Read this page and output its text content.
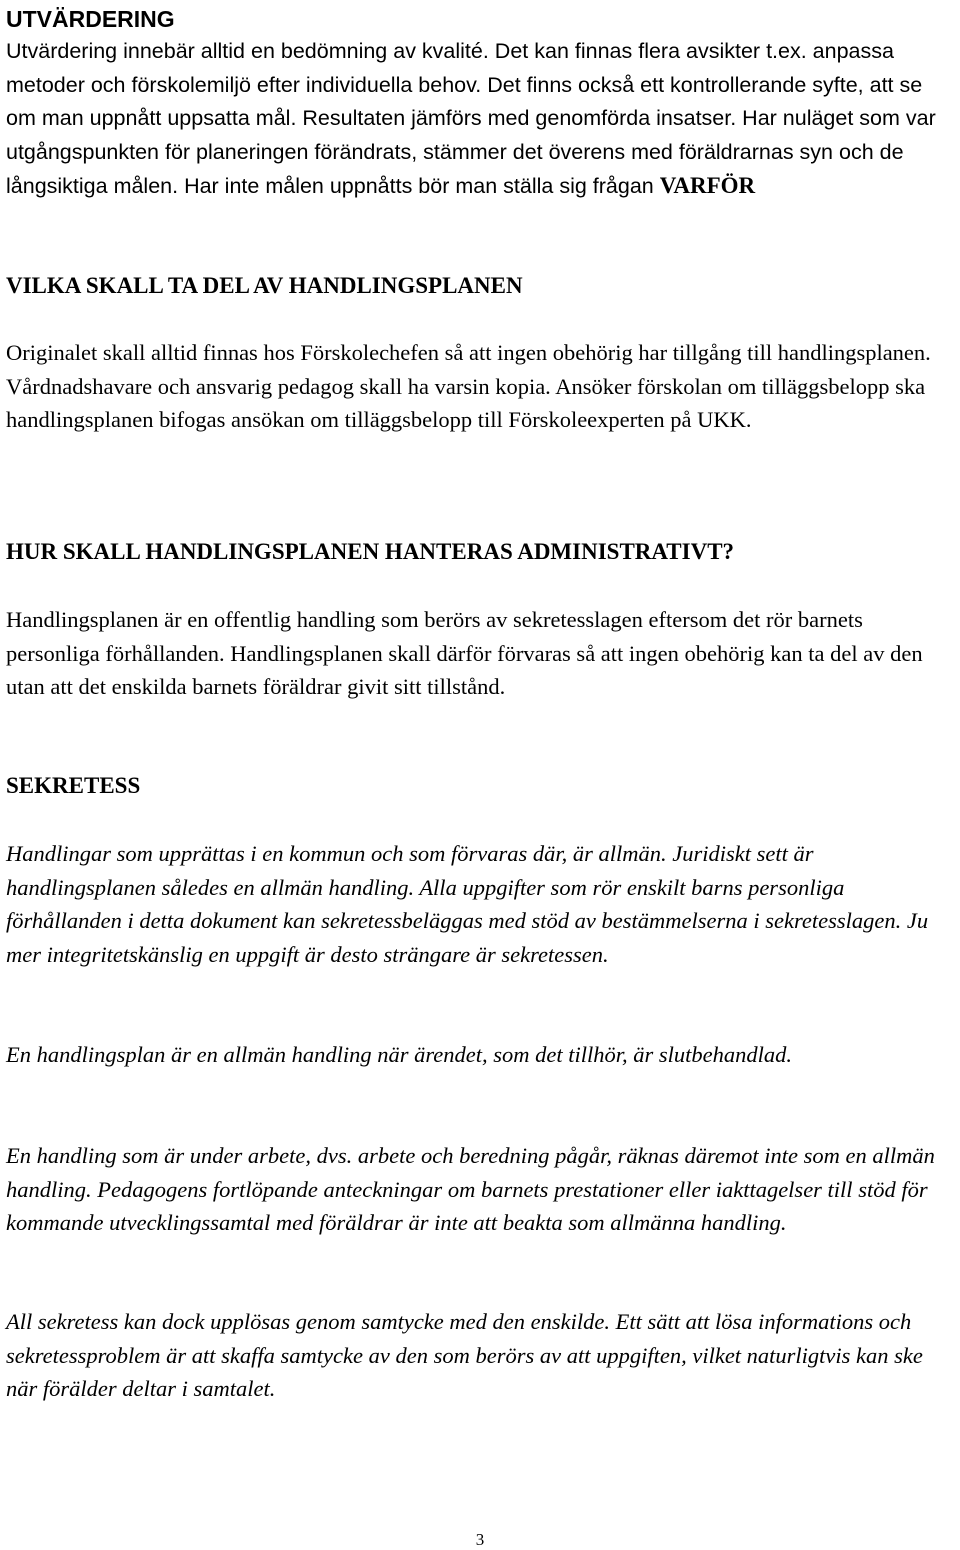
UTVÄRDERING

Utvärdering innebär alltid en bedömning av kvalité. Det kan finnas flera avsikter t.ex. anpassa metoder och förskolemiljö efter individuella behov. Det finns också ett kontrollerande syfte, att se om man uppnått uppsatta mål. Resultaten jämförs med genomförda insatser. Har nuläget som var utgångspunkten för planeringen förändrats, stämmer det överens med föräldrarnas syn och de långsiktiga målen. Har inte målen uppnåtts bör man ställa sig frågan VARFÖR

VILKA SKALL TA DEL AV HANDLINGSPLANEN

Originalet skall alltid finnas hos Förskolechefen så att ingen obehörig har tillgång till handlingsplanen. Vårdnadshavare och ansvarig pedagog skall ha varsin kopia. Ansöker förskolan om tilläggsbelopp ska handlingsplanen bifogas ansökan om tilläggsbelopp till Förskoleexperten på UKK.

HUR SKALL HANDLINGSPLANEN HANTERAS ADMINISTRATIVT?

Handlingsplanen är en offentlig handling som berörs av sekretesslagen eftersom det rör barnets personliga förhållanden. Handlingsplanen skall därför förvaras så att ingen obehörig kan ta del av den utan att det enskilda barnets föräldrar givit sitt tillstånd.

SEKRETESS

Handlingar som upprättas i en kommun och som förvaras där, är allmän. Juridiskt sett är handlingsplanen således en allmän handling. Alla uppgifter som rör enskilt barns personliga förhållanden i detta dokument kan sekretessbeläggas med stöd av bestämmelserna i sekretesslagen. Ju mer integritetskänslig en uppgift är desto strängare är sekretessen.

En handlingsplan är en allmän handling när ärendet, som det tillhör, är slutbehandlad.

En handling som är under arbete, dvs. arbete och beredning pågår, räknas däremot inte som en allmän handling. Pedagogens fortlöpande anteckningar om barnets prestationer eller iakttagelser till stöd för kommande utvecklingssamtal med föräldrar är inte att beakta som allmänna handling.

All sekretess kan dock upplösas genom samtycke med den enskilde. Ett sätt att lösa informations och sekretessproblem är att skaffa samtycke av den som berörs av att uppgiften, vilket naturligtvis kan ske när förälder deltar i samtalet.

3
